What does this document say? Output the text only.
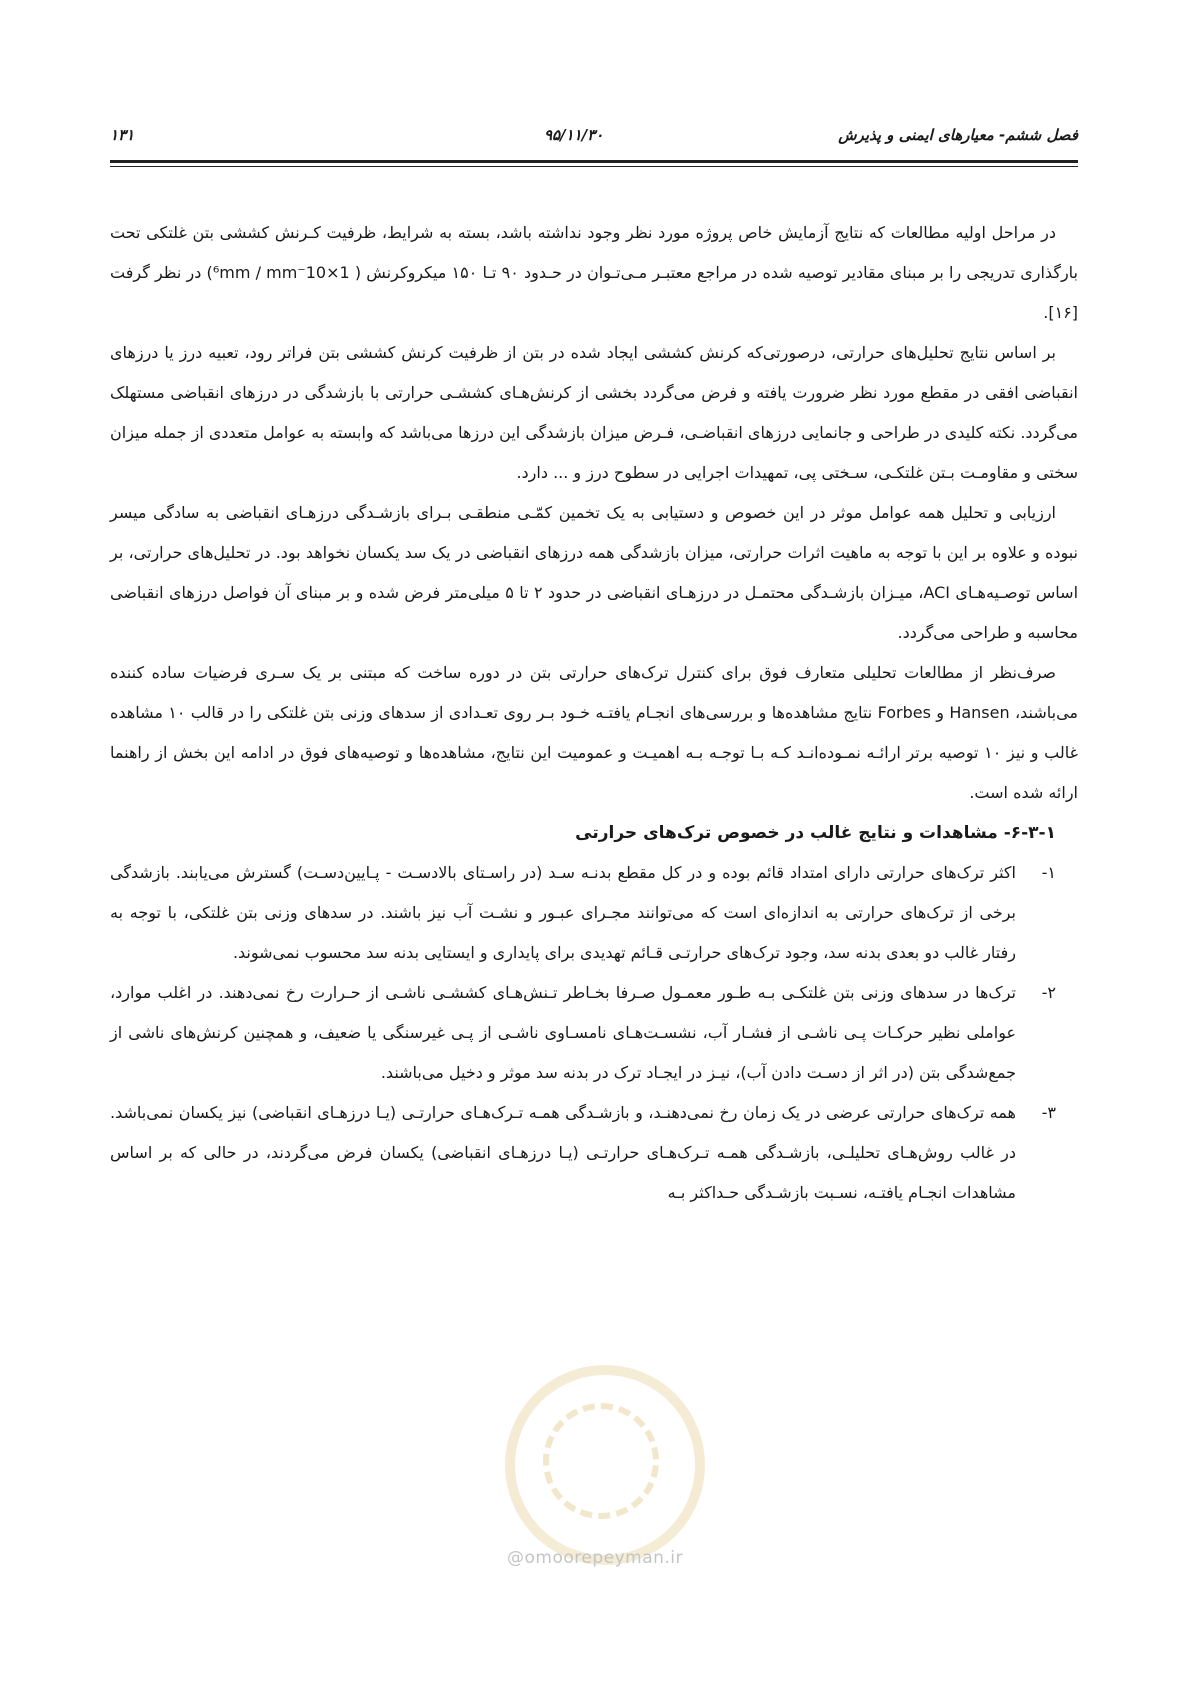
فصل ششم- معیارهای ایمنی و پذیرش
۹۵/۱۱/۳۰
۱۳۱

در مراحل اولیه مطالعات که نتایج آزمایش خاص پروژه مورد نظر وجود نداشته باشد، بسته به شرایط، ظرفیت کـرنش کششی بتن غلتکی تحت بارگذاری تدریجی را بر مبنای مقادیر توصیه شده در مراجع معتبـر مـی‌تـوان در حـدود ۹۰ تـا ۱۵۰ میکروکرنش ( 1×10⁻⁶mm / mm) در نظر گرفت [۱۶].

بر اساس نتایج تحلیل‌های حرارتی، درصورتی‌که کرنش کششی ایجاد شده در بتن از ظرفیت کرنش کششی بتن فراتر رود، تعبیه درز یا درزهای انقباضی افقی در مقطع مورد نظر ضرورت یافته و فرض می‌گردد بخشی از کرنش‌هـای کششـی حرارتی با بازشدگی در درزهای انقباضی مستهلک می‌گردد. نکته کلیدی در طراحی و جانمایی درزهای انقباضـی، فـرض میزان بازشدگی این درزها می‌باشد که وابسته به عوامل متعددی از جمله میزان سختی و مقاومـت بـتن غلتکـی، سـختی پی، تمهیدات اجرایی در سطوح درز و ... دارد.

ارزیابی و تحلیل همه عوامل موثر در این خصوص و دستیابی به یک تخمین کمّـی منطقـی بـرای بازشـدگی درزهـای انقباضی به سادگی میسر نبوده و علاوه بر این با توجه به ماهیت اثرات حرارتی، میزان بازشدگی همه درزهای انقباضی در یک سد یکسان نخواهد بود. در تحلیل‌های حرارتی، بر اساس توصـیه‌هـای ACI، میـزان بازشـدگی محتمـل در درزهـای انقباضی در حدود ۲ تا ۵ میلی‌متر فرض شده و بر مبنای آن فواصل درزهای انقباضی محاسبه و طراحی می‌گردد.

صرف‌نظر از مطالعات تحلیلی متعارف فوق برای کنترل ترک‌های حرارتی بتن در دوره ساخت که مبتنی بر یک سـری فرضیات ساده کننده می‌باشند، Hansen و Forbes نتایج مشاهده‌ها و بررسی‌های انجـام یافتـه خـود بـر روی تعـدادی از سدهای وزنی بتن غلتکی را در قالب ۱۰ مشاهده غالب و نیز ۱۰ توصیه برتر ارائـه نمـوده‌انـد کـه بـا توجـه بـه اهمیـت و عمومیت این نتایج، مشاهده‌ها و توصیه‌های فوق در ادامه این بخش از راهنما ارائه شده است.

۶-۳-۱- مشاهدات و نتایج غالب در خصوص ترک‌های حرارتی

۱-
اکثر ترک‌های حرارتی دارای امتداد قائم بوده و در کل مقطع بدنـه سـد (در راسـتای بالادسـت - پـایین‌دسـت) گسترش می‌یابند. بازشدگی برخی از ترک‌های حرارتی به اندازه‌ای است که می‌توانند مجـرای عبـور و نشـت آب نیز باشند. در سدهای وزنی بتن غلتکی، با توجه به رفتار غالب دو بعدی بدنه سد، وجود ترک‌های حرارتـی قـائم تهدیدی برای پایداری و ایستایی بدنه سد محسوب نمی‌شوند.
۲-
ترک‌ها در سدهای وزنی بتن غلتکـی بـه طـور معمـول صـرفا بخـاطر تـنش‌هـای کششـی ناشـی از حـرارت رخ نمی‌دهند. در اغلب موارد، عواملی نظیر حرکـات پـی ناشـی از فشـار آب، نشسـت‌هـای نامسـاوی ناشـی از پـی غیرسنگی یا ضعیف، و همچنین کرنش‌های ناشی از جمع‌شدگی بتن (در اثر از دسـت دادن آب)، نیـز در ایجـاد ترک در بدنه سد موثر و دخیل می‌باشند.
۳-
همه ترک‌های حرارتی عرضی در یک زمان رخ نمی‌دهنـد، و بازشـدگی همـه تـرک‌هـای حرارتـی (یـا درزهـای انقباضی) نیز یکسان نمی‌باشد. در غالب روش‌هـای تحلیلـی، بازشـدگی همـه تـرک‌هـای حرارتـی (یـا درزهـای انقباضی) یکسان فرض می‌گردند، در حالی که بر اساس مشاهدات انجـام یافتـه، نسـبت بازشـدگی حـداکثر بـه
@omoorepeyman.ir
